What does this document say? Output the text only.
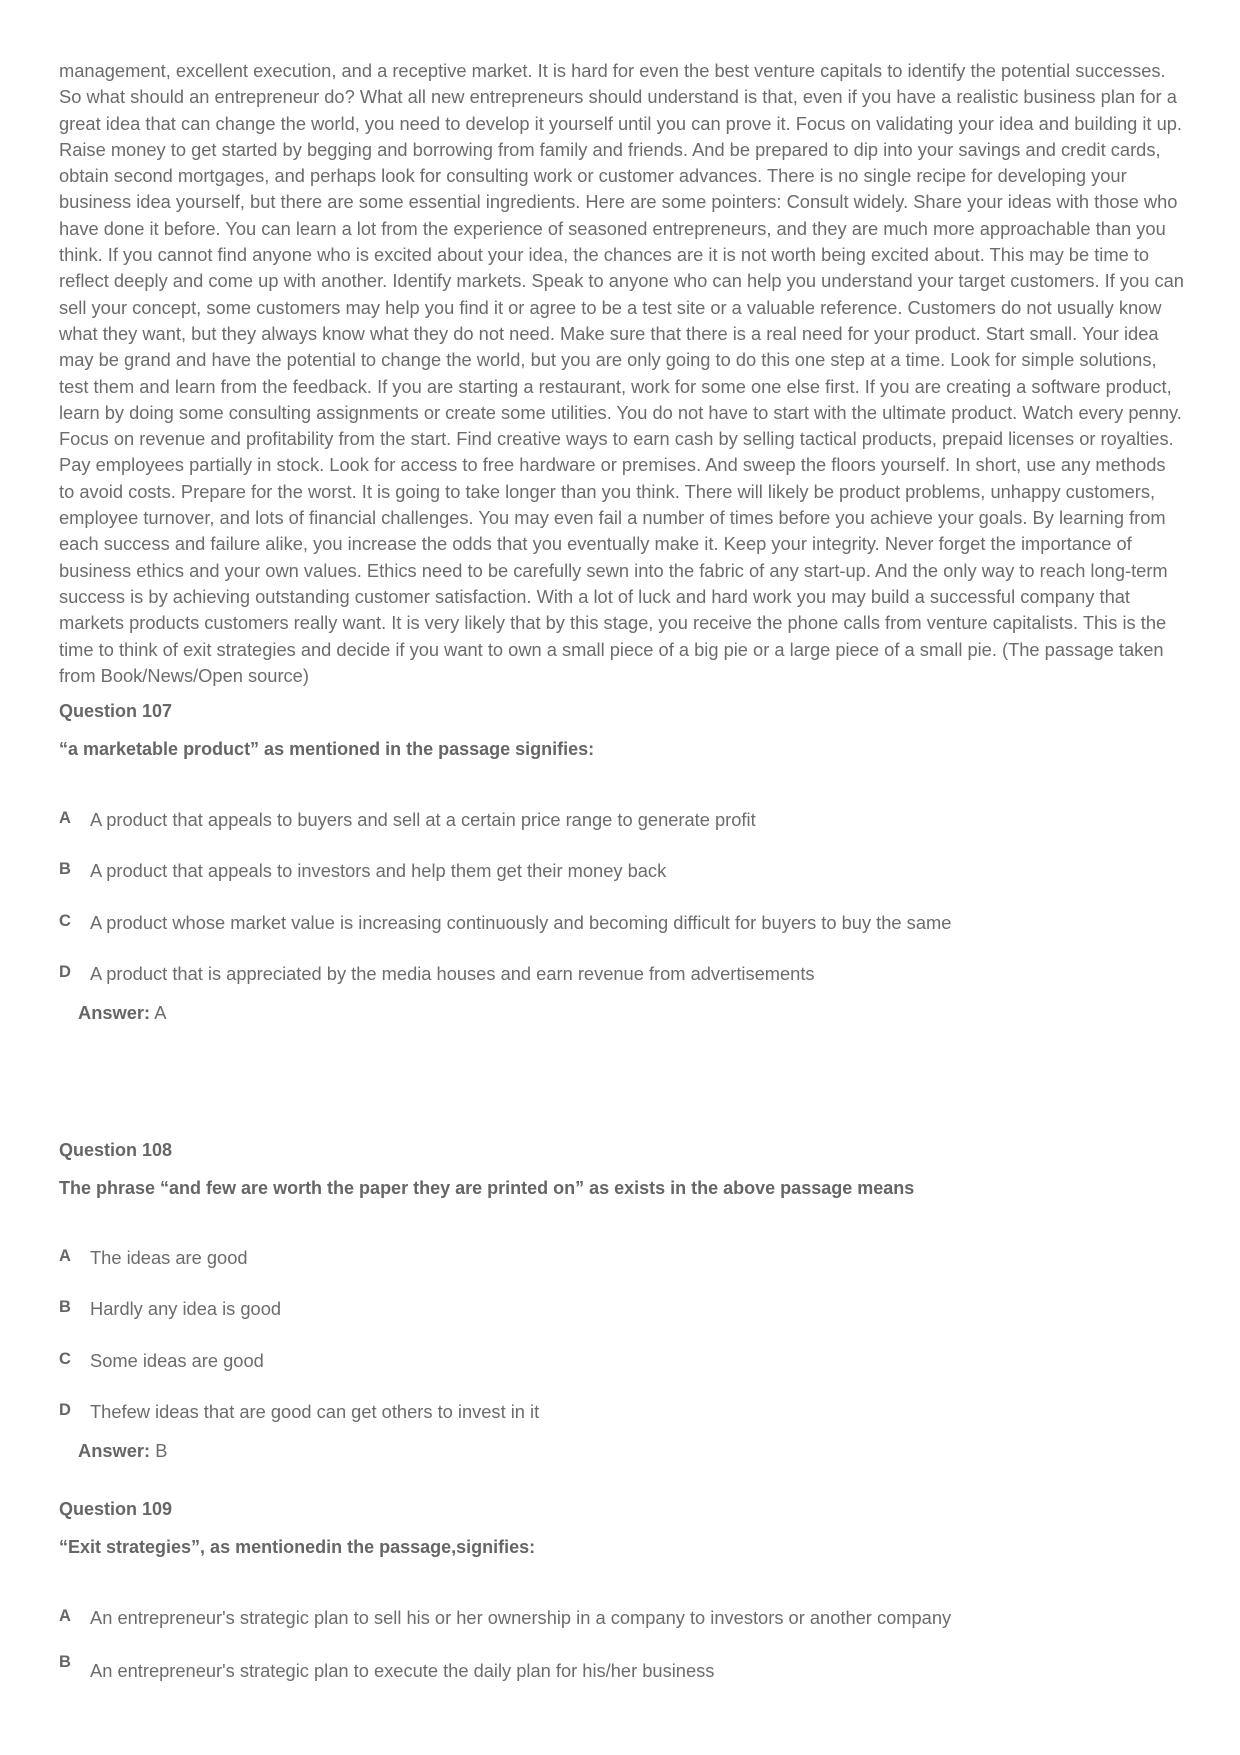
management, excellent execution, and a receptive market. It is hard for even the best venture capitals to identify the potential successes. So what should an entrepreneur do? What all new entrepreneurs should understand is that, even if you have a realistic business plan for a great idea that can change the world, you need to develop it yourself until you can prove it. Focus on validating your idea and building it up. Raise money to get started by begging and borrowing from family and friends. And be prepared to dip into your savings and credit cards, obtain second mortgages, and perhaps look for consulting work or customer advances. There is no single recipe for developing your business idea yourself, but there are some essential ingredients. Here are some pointers: Consult widely. Share your ideas with those who have done it before. You can learn a lot from the experience of seasoned entrepreneurs, and they are much more approachable than you think. If you cannot find anyone who is excited about your idea, the chances are it is not worth being excited about. This may be time to reflect deeply and come up with another. Identify markets. Speak to anyone who can help you understand your target customers. If you can sell your concept, some customers may help you find it or agree to be a test site or a valuable reference. Customers do not usually know what they want, but they always know what they do not need. Make sure that there is a real need for your product. Start small. Your idea may be grand and have the potential to change the world, but you are only going to do this one step at a time. Look for simple solutions, test them and learn from the feedback. If you are starting a restaurant, work for some one else first. If you are creating a software product, learn by doing some consulting assignments or create some utilities. You do not have to start with the ultimate product. Watch every penny. Focus on revenue and profitability from the start. Find creative ways to earn cash by selling tactical products, prepaid licenses or royalties. Pay employees partially in stock. Look for access to free hardware or premises. And sweep the floors yourself. In short, use any methods to avoid costs. Prepare for the worst. It is going to take longer than you think. There will likely be product problems, unhappy customers, employee turnover, and lots of financial challenges. You may even fail a number of times before you achieve your goals. By learning from each success and failure alike, you increase the odds that you eventually make it. Keep your integrity. Never forget the importance of business ethics and your own values. Ethics need to be carefully sewn into the fabric of any start-up. And the only way to reach long-term success is by achieving outstanding customer satisfaction. With a lot of luck and hard work you may build a successful company that markets products customers really want. It is very likely that by this stage, you receive the phone calls from venture capitalists. This is the time to think of exit strategies and decide if you want to own a small piece of a big pie or a large piece of a small pie. (The passage taken from Book/News/Open source)

Question 107

“a marketable product” as mentioned in the passage signifies:

A A product that appeals to buyers and sell at a certain price range to generate profit
B A product that appeals to investors and help them get their money back
C A product whose market value is increasing continuously and becoming difficult for buyers to buy the same
D A product that is appreciated by the media houses and earn revenue from advertisements
Answer: A

Question 108

The phrase “and few are worth the paper they are printed on” as exists in the above passage means

A The ideas are good
B Hardly any idea is good
C Some ideas are good
D Thefew ideas that are good can get others to invest in it
Answer: B

Question 109

“Exit strategies”, as mentionedin the passage,signifies:

A An entrepreneur's strategic plan to sell his or her ownership in a company to investors or another company
B An entrepreneur's strategic plan to execute the daily plan for his/her business
